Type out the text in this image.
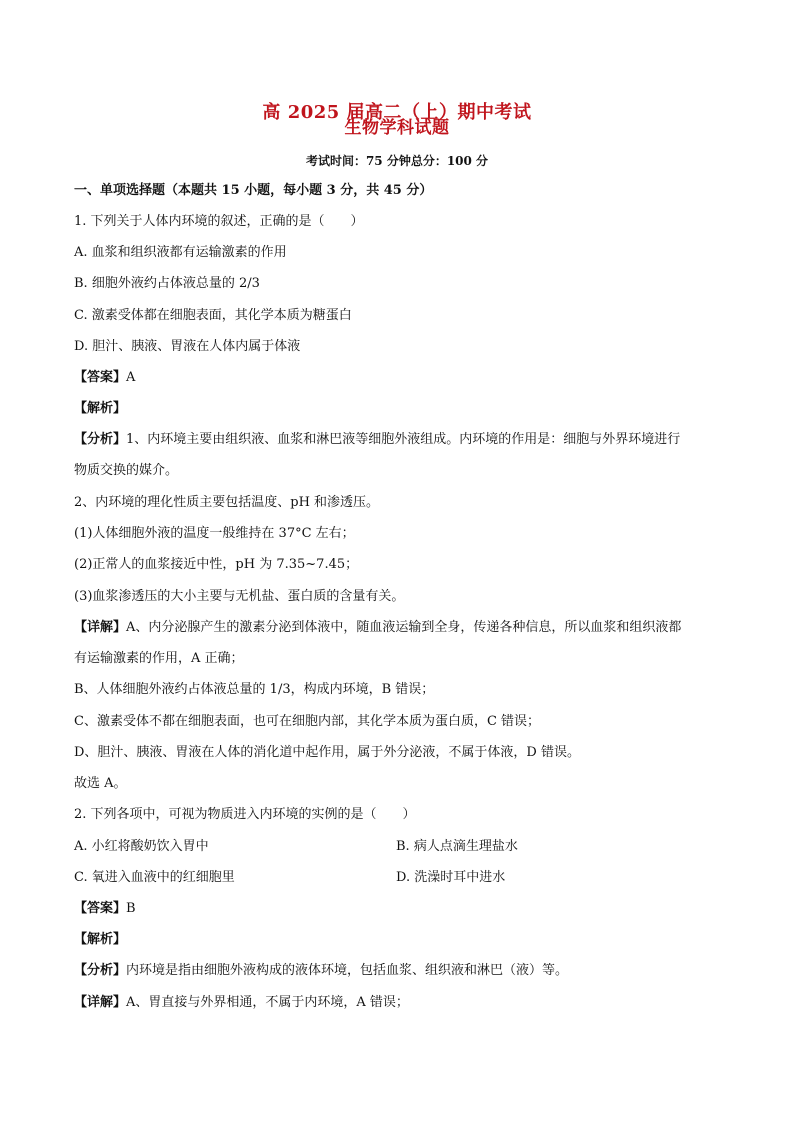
高 2025 届高二（上）期中考试
生物学科试题
考试时间：75 分钟总分：100 分
一、单项选择题（本题共 15 小题，每小题 3 分，共 45 分）
1. 下列关于人体内环境的叙述，正确的是（　　）
A. 血浆和组织液都有运输激素的作用
B. 细胞外液约占体液总量的 2/3
C. 激素受体都在细胞表面，其化学本质为糖蛋白
D. 胆汁、胰液、胃液在人体内属于体液
【答案】A
【解析】
【分析】1、内环境主要由组织液、血浆和淋巴液等细胞外液组成。内环境的作用是：细胞与外界环境进行
物质交换的媒介。
2、内环境的理化性质主要包括温度、pH 和渗透压。
(1)人体细胞外液的温度一般维持在 37°C 左右；
(2)正常人的血浆接近中性，pH 为 7.35~7.45；
(3)血浆渗透压的大小主要与无机盐、蛋白质的含量有关。
【详解】A、内分泌腺产生的激素分泌到体液中，随血液运输到全身，传递各种信息，所以血浆和组织液都
有运输激素的作用，A 正确；
B、人体细胞外液约占体液总量的 1/3，构成内环境，B 错误；
C、激素受体不都在细胞表面，也可在细胞内部，其化学本质为蛋白质，C 错误；
D、胆汁、胰液、胃液在人体的消化道中起作用，属于外分泌液，不属于体液，D 错误。
故选 A。
2. 下列各项中，可视为物质进入内环境的实例的是（　　）
A. 小红将酸奶饮入胃中	B. 病人点滴生理盐水
C. 氧进入血液中的红细胞里	D. 洗澡时耳中进水
【答案】B
【解析】
【分析】内环境是指由细胞外液构成的液体环境，包括血浆、组织液和淋巴（液）等。
【详解】A、胃直接与外界相通，不属于内环境，A 错误；
